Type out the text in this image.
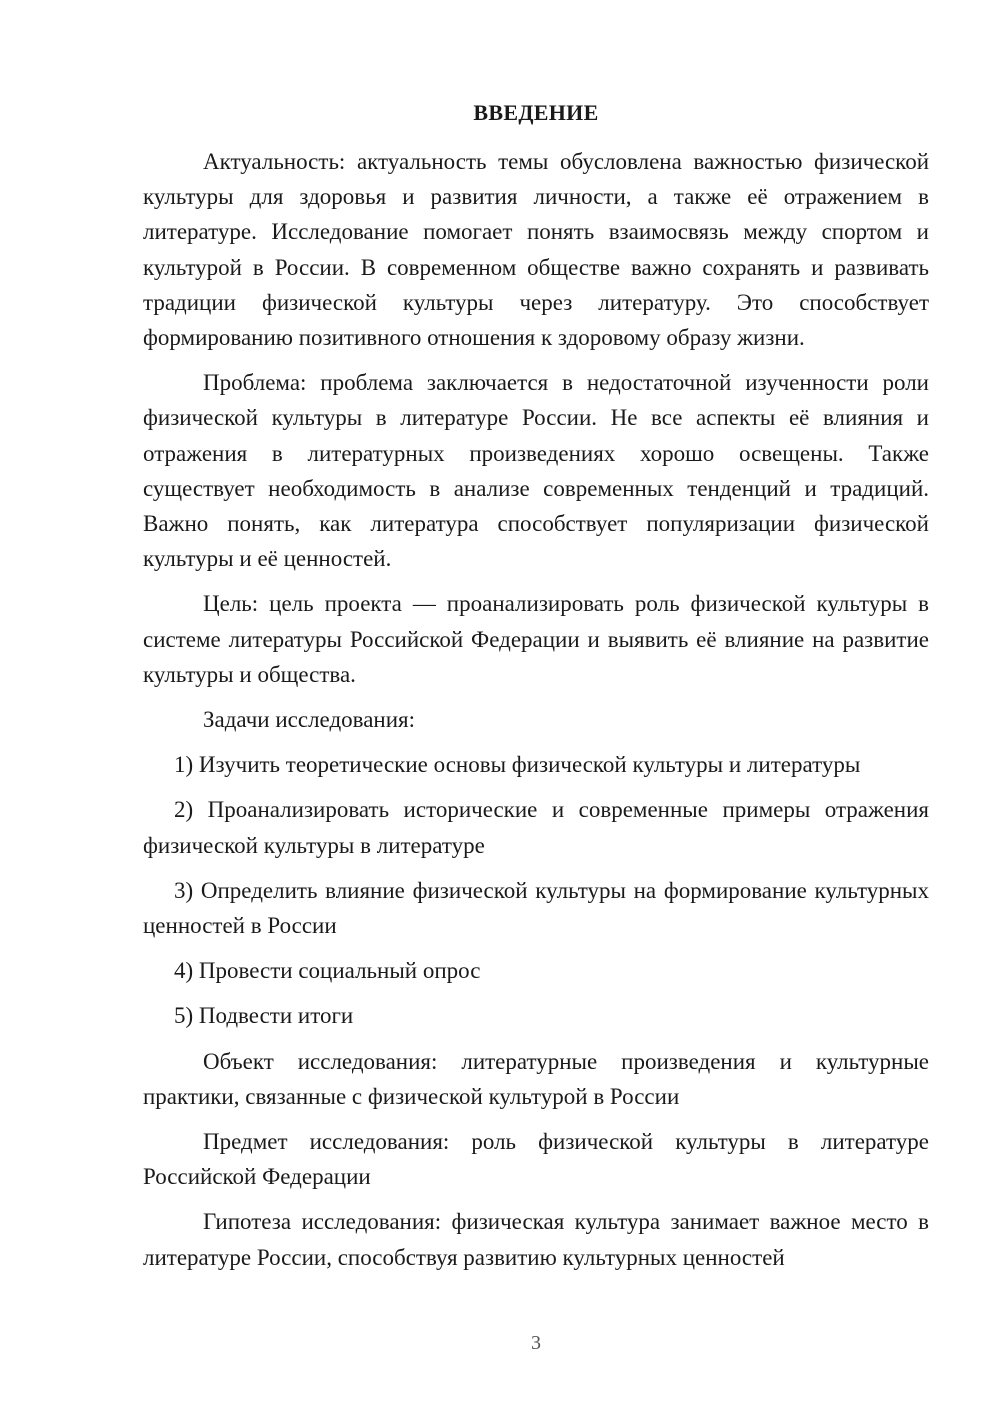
ВВЕДЕНИЕ

Актуальность: актуальность темы обусловлена важностью физической культуры для здоровья и развития личности, а также её отражением в литературе. Исследование помогает понять взаимосвязь между спортом и культурой в России. В современном обществе важно сохранять и развивать традиции физической культуры через литературу. Это способствует формированию позитивного отношения к здоровому образу жизни.

Проблема: проблема заключается в недостаточной изученности роли физической культуры в литературе России. Не все аспекты её влияния и отражения в литературных произведениях хорошо освещены. Также существует необходимость в анализе современных тенденций и традиций. Важно понять, как литература способствует популяризации физической культуры и её ценностей.

Цель: цель проекта — проанализировать роль физической культуры в системе литературы Российской Федерации и выявить её влияние на развитие культуры и общества.

Задачи исследования:

1) Изучить теоретические основы физической культуры и литературы

2) Проанализировать исторические и современные примеры отражения физической культуры в литературе

3) Определить влияние физической культуры на формирование культурных ценностей в России

4) Провести социальный опрос

5) Подвести итоги

Объект исследования: литературные произведения и культурные практики, связанные с физической культурой в России

Предмет исследования: роль физической культуры в литературе Российской Федерации

Гипотеза исследования: физическая культура занимает важное место в литературе России, способствуя развитию культурных ценностей

3
